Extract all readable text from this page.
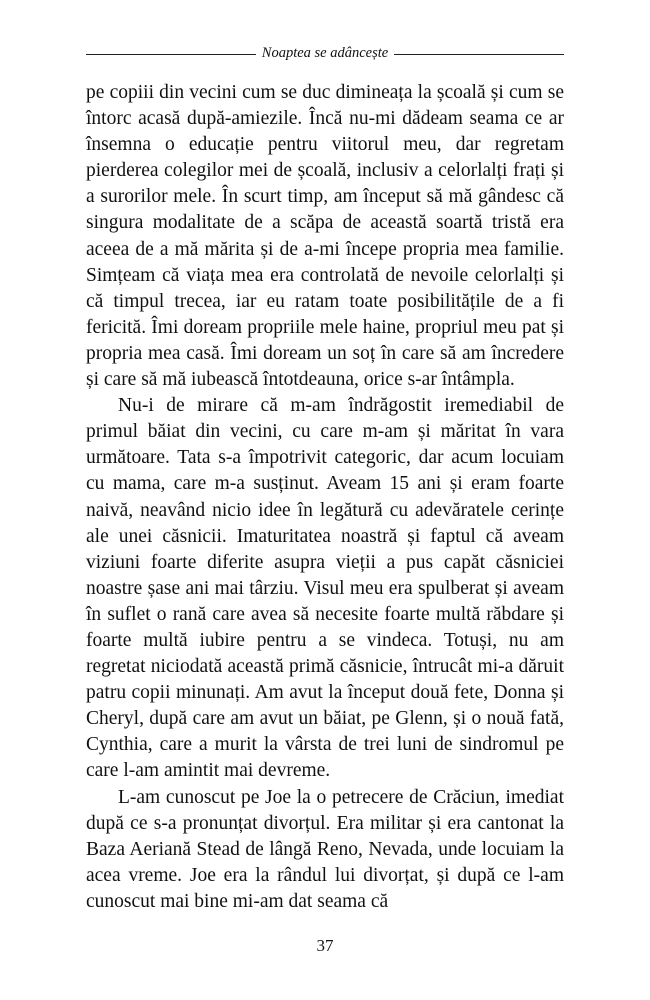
Noaptea se adâncește

pe copiii din vecini cum se duc dimineața la școală și cum se întorc acasă după-amiezile. Încă nu-mi dădeam seama ce ar însemna o educație pentru viitorul meu, dar regretam pierderea colegilor mei de școală, inclusiv a celorlalți frați și a surorilor mele. În scurt timp, am început să mă gândesc că singura modalitate de a scăpa de această soartă tristă era aceea de a mă mărita și de a-mi începe propria mea familie. Simțeam că viața mea era controlată de nevoile celorlalți și că timpul trecea, iar eu ratam toate posibilitățile de a fi fericită. Îmi doream propriile mele haine, propriul meu pat și propria mea casă. Îmi doream un soț în care să am încredere și care să mă iubească întotdeauna, orice s-ar întâmpla.

Nu-i de mirare că m-am îndrăgostit iremediabil de primul băiat din vecini, cu care m-am și măritat în vara următoare. Tata s-a împotrivit categoric, dar acum locuiam cu mama, care m-a susținut. Aveam 15 ani și eram foarte naivă, neavând nicio idee în legătură cu adevăratele cerințe ale unei căsnicii. Imaturitatea noastră și faptul că aveam viziuni foarte diferite asupra vieții a pus capăt căsniciei noastre șase ani mai târziu. Visul meu era spulberat și aveam în suflet o rană care avea să necesite foarte multă răbdare și foarte multă iubire pentru a se vindeca. Totuși, nu am regretat niciodată această primă căsnicie, întrucât mi-a dăruit patru copii minunați. Am avut la început două fete, Donna și Cheryl, după care am avut un băiat, pe Glenn, și o nouă fată, Cynthia, care a murit la vârsta de trei luni de sindromul pe care l-am amintit mai devreme.

L-am cunoscut pe Joe la o petrecere de Crăciun, imediat după ce s-a pronunțat divorțul. Era militar și era cantonat la Baza Aeriană Stead de lângă Reno, Nevada, unde locuiam la acea vreme. Joe era la rândul lui divorțat, și după ce l-am cunoscut mai bine mi-am dat seama că

37
